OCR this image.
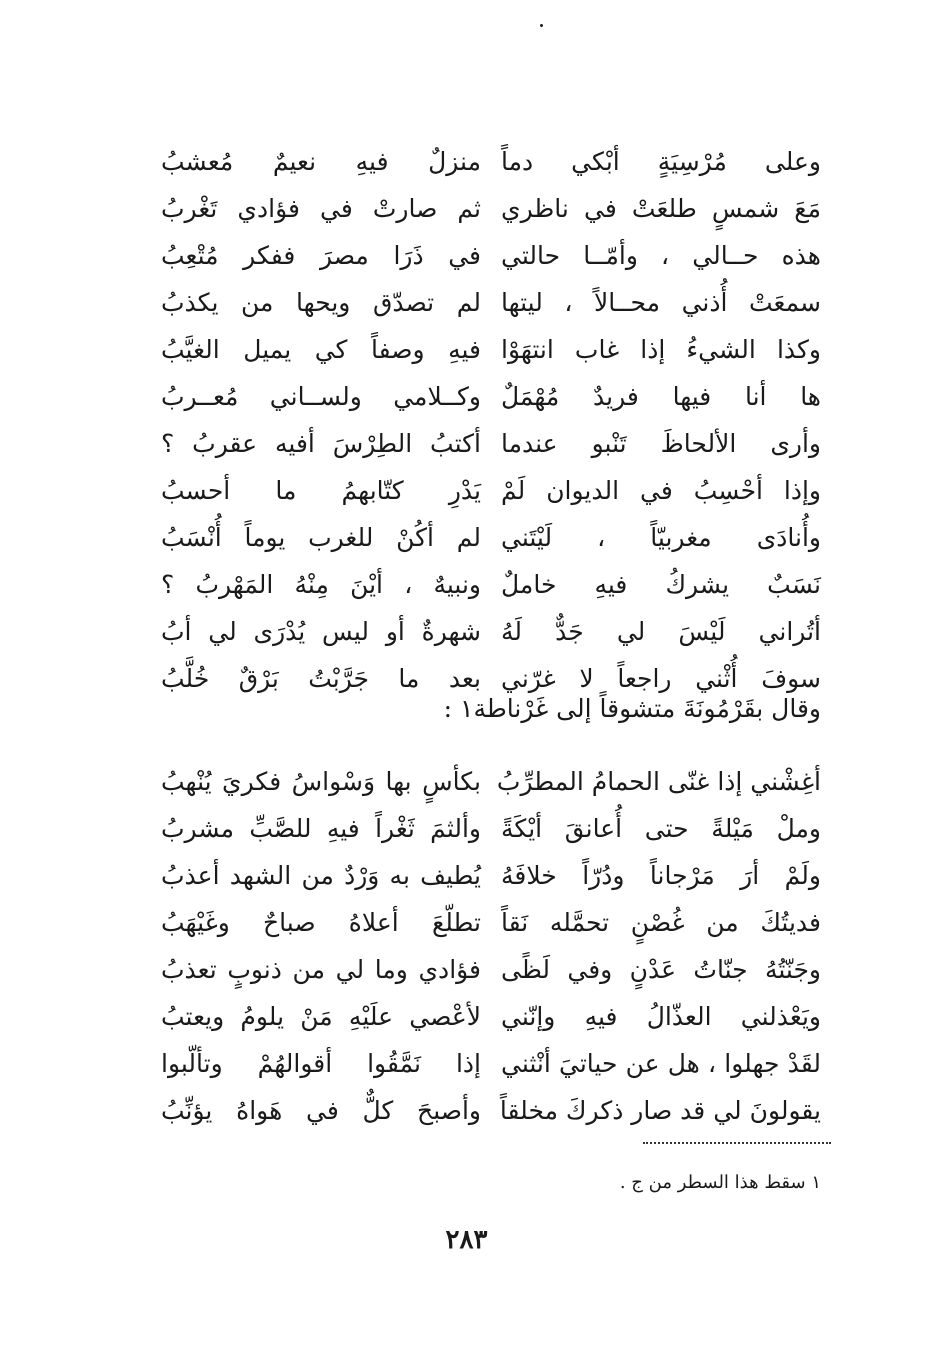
وعلى مُرْسِيَةٍ أبْكي دماً
منزلٌ فيهِ نعيمٌ مُعشبُ
مَعَ شمسٍ طلعَتْ في ناظري
ثم صارتْ في فؤادي تَغْربُ
هذه حــالي ، وأمّــا حالتي
في ذَرَا مصرَ ففكر مُتْعِبُ
سمعَتْ أُذني محــالاً ، ليتها
لم تصدّق ويحها من يكذبُ
وكذا الشيءُ إذا غاب انتهَوْا
فيهِ وصفاً كي يميل الغيَّبُ
ها أنا فيها فريدٌ مُهْمَلٌ
وكــلامي ولســاني مُعــربُ
وأرى الألحاظَ تَنْبو عندما
أكتبُ الطِرْسَ أفيه عقربُ ؟
وإذا أحْسِبُ في الديوان لَمْ
يَدْرِ كتّابهمُ ما أحسبُ
وأُنادَى مغربيّاً ، لَيْتَني
لم أكُنْ للغرب يوماً أُنْسَبُ
نَسَبٌ يشركُ فيهِ خاملٌ
ونبيهٌ ، أيْنَ مِنْهُ المَهْربُ ؟
أتُراني لَيْسَ لي جَدٌّ لَهُ
شهرةٌ أو ليس يُدْرَى لي أبُ
سوفَ أُثْني راجعاً لا غرّني
بعد ما جَرَّبْتُ بَرْقٌ خُلَّبُ
وقال بقَرْمُونَةَ متشوقاً إلى غَرْناطة١ :
أغِشْني إذا غنّى الحمامُ المطرِّبُ
بكأسٍ بها وَسْواسُ فكريَ يُنْهبُ
وملْ مَيْلةً حتى أُعانقَ أيْكَةً
وألثمَ ثَغْراً فيهِ للصَّبِّ مشربُ
ولَمْ أرَ مَرْجاناً ودُرّاً خلافَهُ
يُطيف به وَرْدٌ من الشهد أعذبُ
فديتُكَ من غُصْنٍ تحمَّله نَقاً
تطلّعَ أعلاهُ صباحٌ وغَيْهَبُ
وجَنّتُهُ جنّاتُ عَدْنٍ وفي لَظًى
فؤادي وما لي من ذنوبٍ تعذبُ
ويَعْذلني العذّالُ فيهِ وإنّني
لأعْصي علَيْهِ مَنْ يلومُ ويعتبُ
لقَدْ جهلوا ، هل عن حياتيَ أنْثني
إذا نَمَّقُوا أقوالهُمْ وتألّبوا
يقولونَ لي قد صار ذكركَ مخلقاً
وأصبحَ كلٌّ في هَواهُ يؤنِّبُ
١ سقط هذا السطر من ج .
٢٨٣
